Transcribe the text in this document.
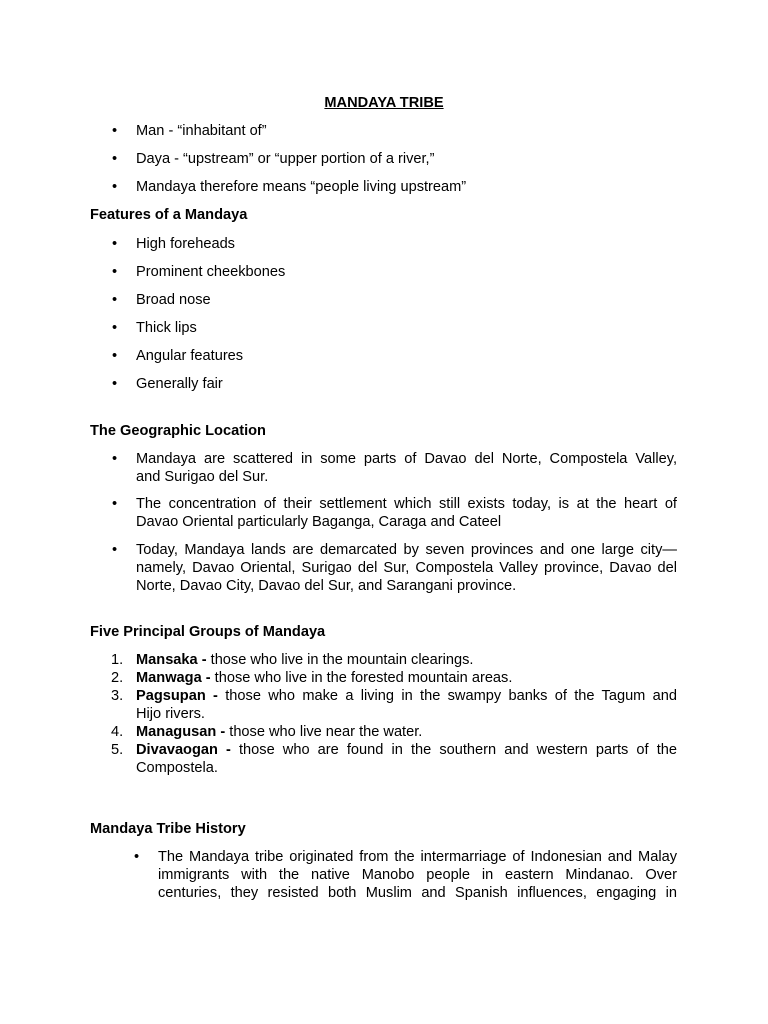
MANDAYA TRIBE
• Man - “inhabitant of”
• Daya - “upstream” or “upper portion of a river,”
• Mandaya therefore means “people living upstream”
Features of a Mandaya
• High foreheads
• Prominent cheekbones
• Broad nose
• Thick lips
• Angular features
• Generally fair
The Geographic Location
• Mandaya are scattered in some parts of Davao del Norte, Compostela Valley,
and Surigao del Sur.
• The concentration of their settlement which still exists today, is at the heart of
Davao Oriental particularly Baganga, Caraga and Cateel
• Today, Mandaya lands are demarcated by seven provinces and one large city—
namely, Davao Oriental, Surigao del Sur, Compostela Valley province, Davao del
Norte, Davao City, Davao del Sur, and Sarangani province.
Five Principal Groups of Mandaya
1. Mansaka - those who live in the mountain clearings.
2. Manwaga - those who live in the forested mountain areas.
3. Pagsupan - those who make a living in the swampy banks of the Tagum and
Hijo rivers.
4. Managusan - those who live near the water.
5. Divavaogan - those who are found in the southern and western parts of the
Compostela.
Mandaya Tribe History
• The Mandaya tribe originated from the intermarriage of Indonesian and Malay
immigrants with the native Manobo people in eastern Mindanao. Over
centuries, they resisted both Muslim and Spanish influences, engaging in
